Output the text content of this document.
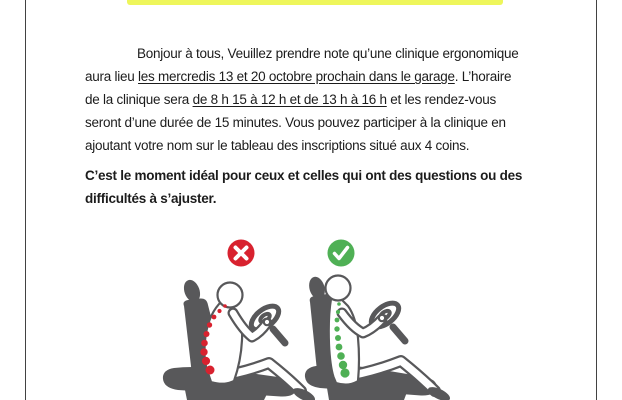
Bonjour à tous, Veuillez prendre note qu’une clinique ergonomique

aura lieu les mercredis 13 et 20 octobre prochain dans le garage. L’horaire

de la clinique sera de 8 h 15 à 12 h et de 13 h à 16 h et les rendez-vous

seront d’une durée de 15 minutes. Vous pouvez participer à la clinique en

ajoutant votre nom sur le tableau des inscriptions situé aux 4 coins.

C’est le moment idéal pour ceux et celles qui ont des questions ou des

difficultés à s’ajuster.
